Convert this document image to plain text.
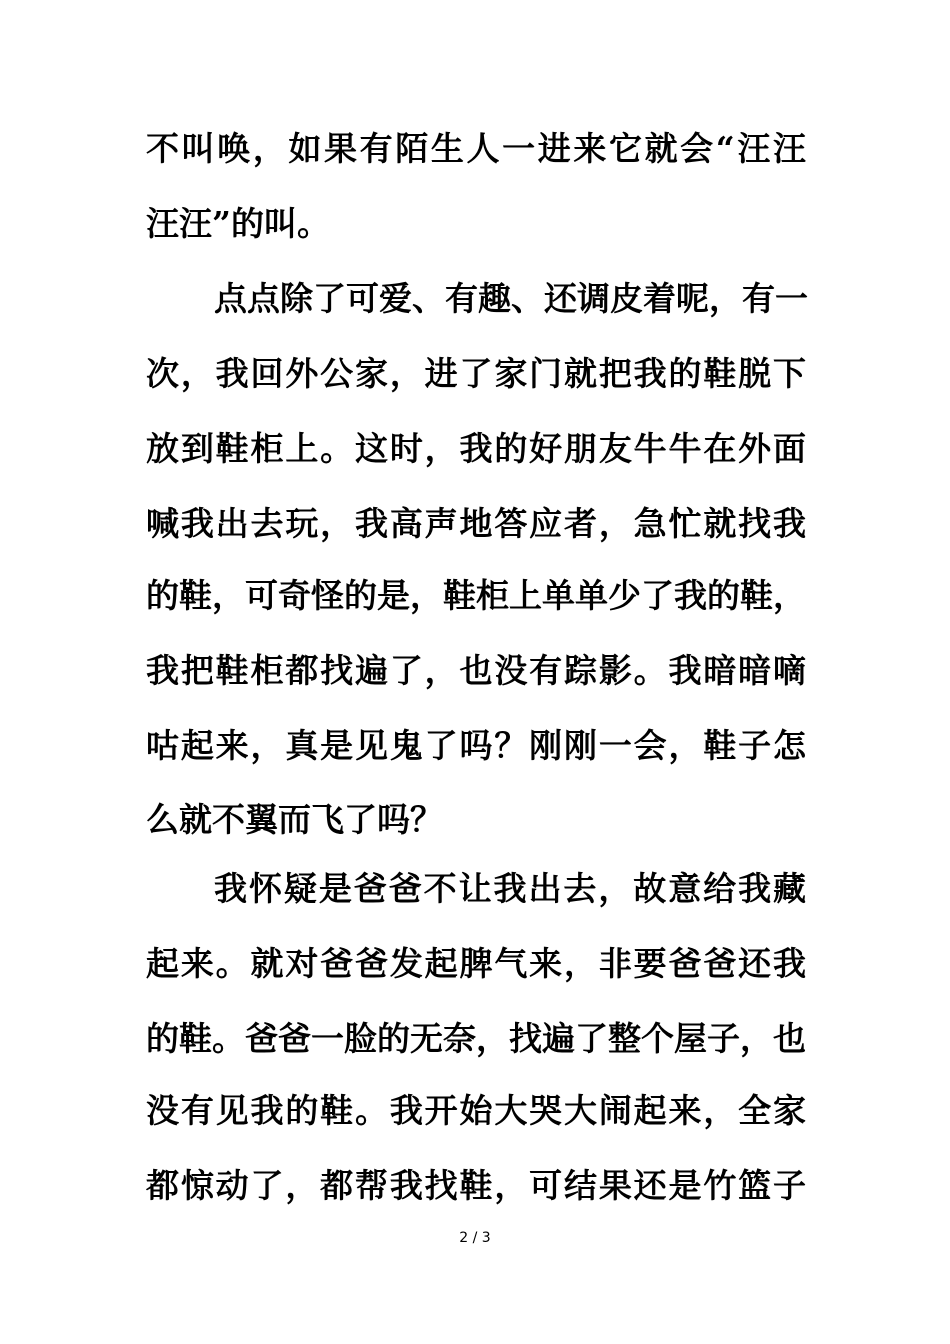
不叫唤，如果有陌生人一进来它就会“汪汪
汪汪”的叫。
点点除了可爱、有趣、还调皮着呢，有一
次，我回外公家，进了家门就把我的鞋脱下
放到鞋柜上。这时，我的好朋友牛牛在外面
喊我出去玩，我高声地答应者，急忙就找我
的鞋，可奇怪的是，鞋柜上单单少了我的鞋，
我把鞋柜都找遍了，也没有踪影。我暗暗嘀
咕起来，真是见鬼了吗？刚刚一会，鞋子怎
么就不翼而飞了吗？
我怀疑是爸爸不让我出去，故意给我藏
起来。就对爸爸发起脾气来，非要爸爸还我
的鞋。爸爸一脸的无奈，找遍了整个屋子，也
没有见我的鞋。我开始大哭大闹起来，全家
都惊动了，都帮我找鞋，可结果还是竹篮子
2 / 3
